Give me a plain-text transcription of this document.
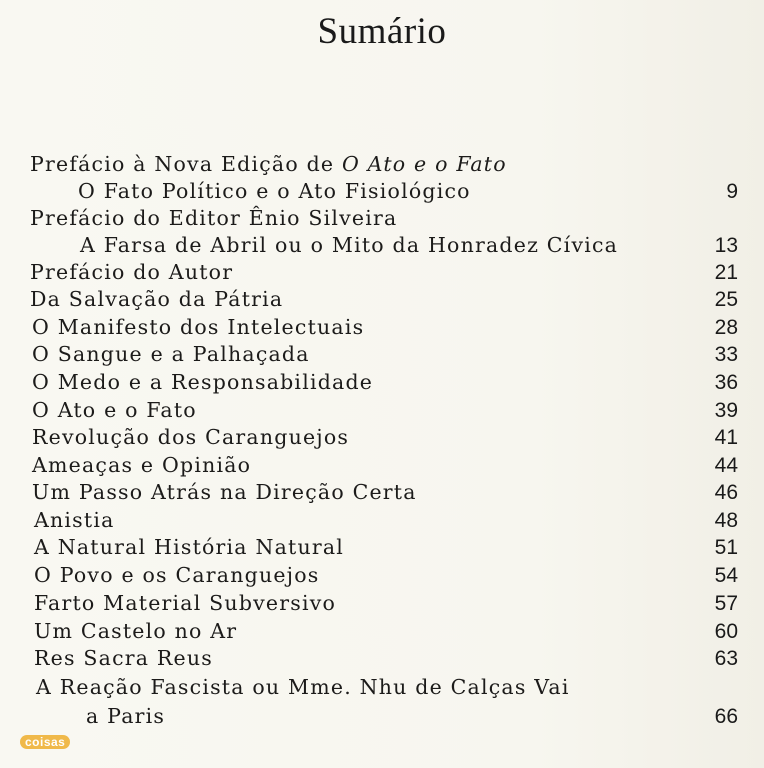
Sumário
Prefácio à Nova Edição de O Ato e o Fato
O Fato Político e o Ato Fisiológico	9
Prefácio do Editor Ênio Silveira
A Farsa de Abril ou o Mito da Honradez Cívica	13
Prefácio do Autor	21
Da Salvação da Pátria	25
O Manifesto dos Intelectuais	28
O Sangue e a Palhaçada	33
O Medo e a Responsabilidade	36
O Ato e o Fato	39
Revolução dos Caranguejos	41
Ameaças e Opinião	44
Um Passo Atrás na Direção Certa	46
Anistia	48
A Natural História Natural	51
O Povo e os Caranguejos	54
Farto Material Subversivo	57
Um Castelo no Ar	60
Res Sacra Reus	63
A Reação Fascista ou Mme. Nhu de Calças Vai
a Paris	66
coisas
